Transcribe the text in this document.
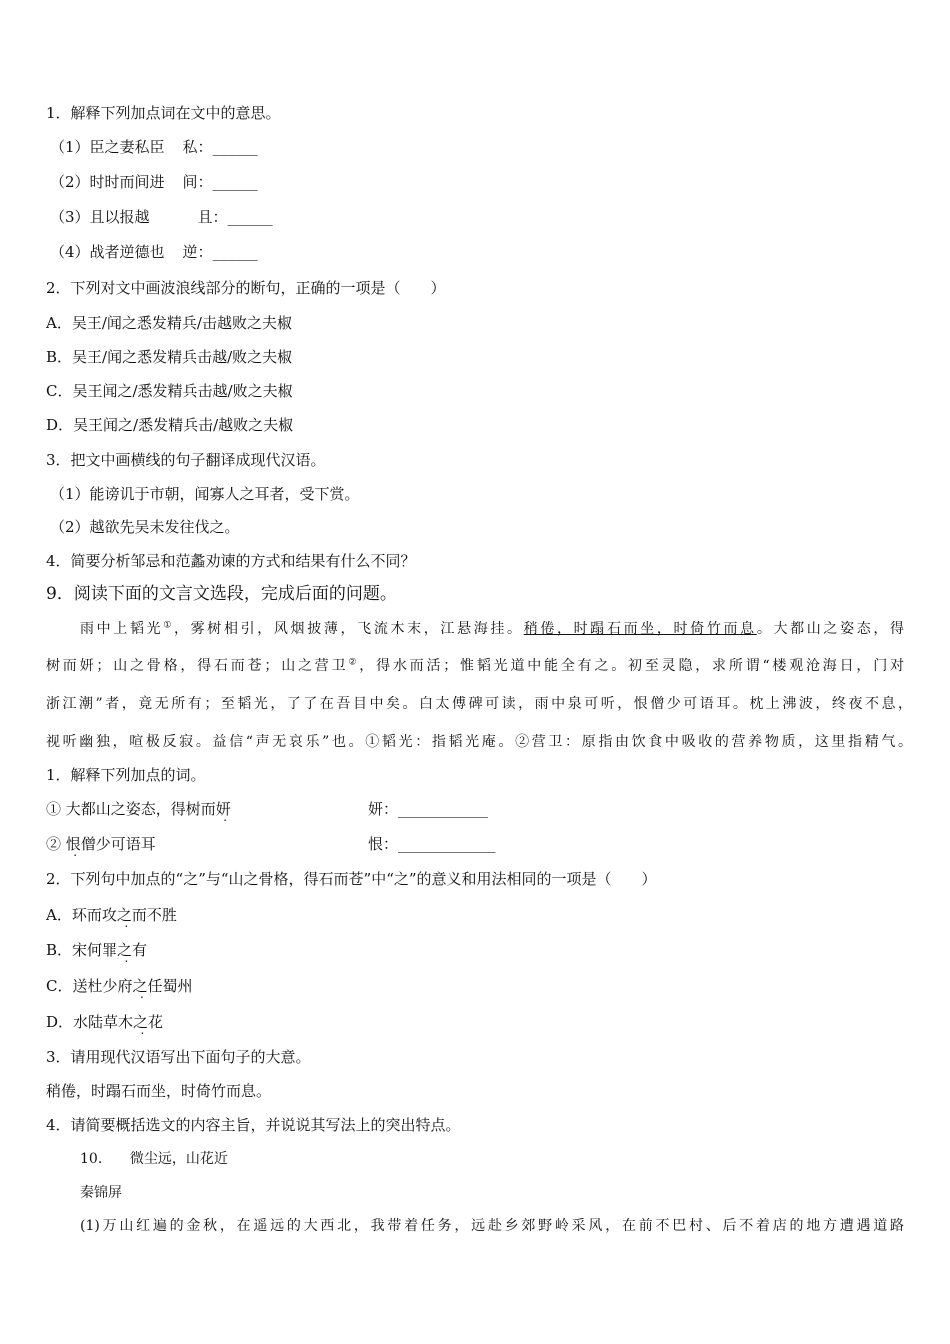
1．解释下列加点词在文中的意思。
（1）臣之妻私臣 私：______
（2）时时而间进 间：______
（3）且以报越	且：______
（4）战者逆德也 逆：______
2．下列对文中画波浪线部分的断句，正确的一项是（　　）
A．吴王/闻之悉发精兵/击越败之夫椒
B．吴王/闻之悉发精兵击越/败之夫椒
C．吴王闻之/悉发精兵击越/败之夫椒
D．吴王闻之/悉发精兵击/越败之夫椒
3．把文中画横线的句子翻译成现代汉语。
（1）能谤讥于市朝，闻寡人之耳者，受下赏。
（2）越欲先吴未发往伐之。
4．简要分析邹忌和范蠡劝谏的方式和结果有什么不同？
9．阅读下面的文言文选段，完成后面的问题。
雨中上韬光①，雾树相引，风烟披薄，飞流木末，江悬海挂。稍倦，时蹋石而坐，时倚竹而息。大都山之姿态，得
树而妍；山之骨格，得石而苍；山之营卫②，得水而活；惟韬光道中能全有之。初至灵隐，求所谓“楼观沧海日，门对
浙江潮”者，竟无所有；至韬光，了了在吾目中矣。白太傅碑可读，雨中泉可听，恨僧少可语耳。枕上沸波，终夜不息，
视听幽独，喧极反寂。益信“声无哀乐”也。①韬光：指韬光庵。②营卫：原指由饮食中吸收的营养物质，这里指精气。
1．解释下列加点的词。
① 大都山之姿态，得树而妍	妍：____________
② 恨僧少可语耳	恨：_____________
2．下列句中加点的“之”与“山之骨格，得石而苍”中“之”的意义和用法相同的一项是（　　）
A．环而攻之而不胜
B．宋何罪之有
C．送杜少府之任蜀州
D．水陆草木之花
3．请用现代汉语写出下面句子的大意。
稍倦，时蹋石而坐，时倚竹而息。
4．请简要概括选文的内容主旨，并说说其写法上的突出特点。
10． 微尘远，山花近
秦锦屏
(1)万山红遍的金秋，在遥远的大西北，我带着任务，远赴乡郊野岭采风，在前不巴村、后不着店的地方遭遇道路
